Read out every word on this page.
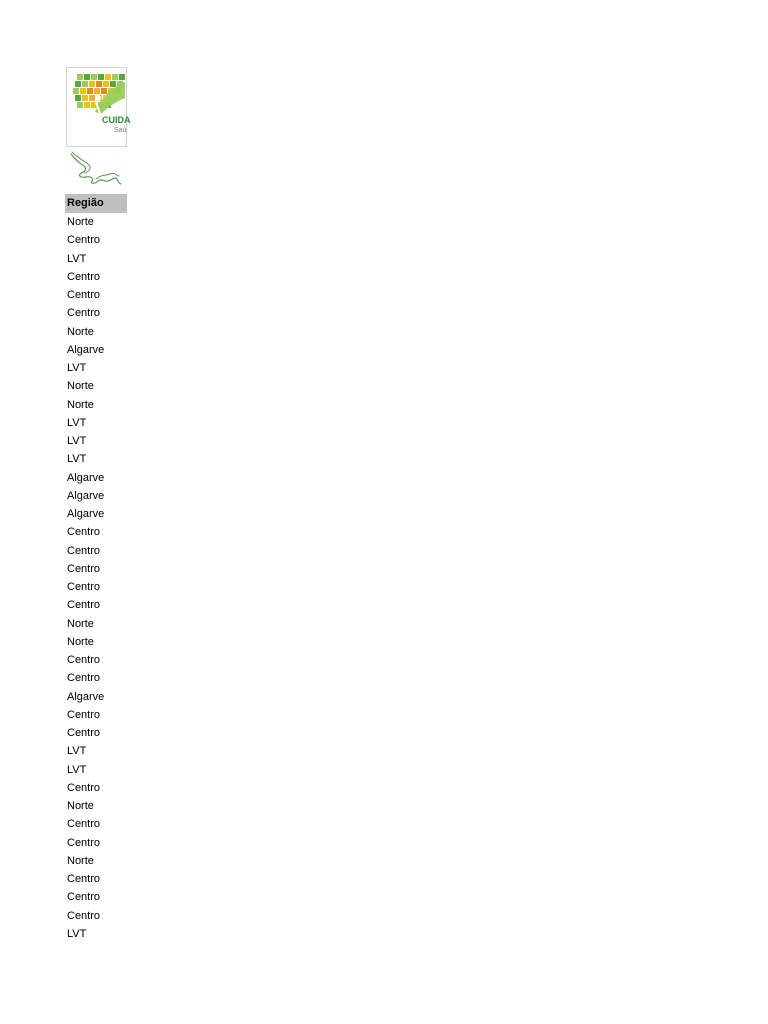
CUIDA
Saú
Região
Norte
Centro
LVT
Centro
Centro
Centro
Norte
Algarve
LVT
Norte
Norte
LVT
LVT
LVT
Algarve
Algarve
Algarve
Centro
Centro
Centro
Centro
Centro
Norte
Norte
Centro
Centro
Algarve
Centro
Centro
LVT
LVT
Centro
Norte
Centro
Centro
Norte
Centro
Centro
Centro
LVT
